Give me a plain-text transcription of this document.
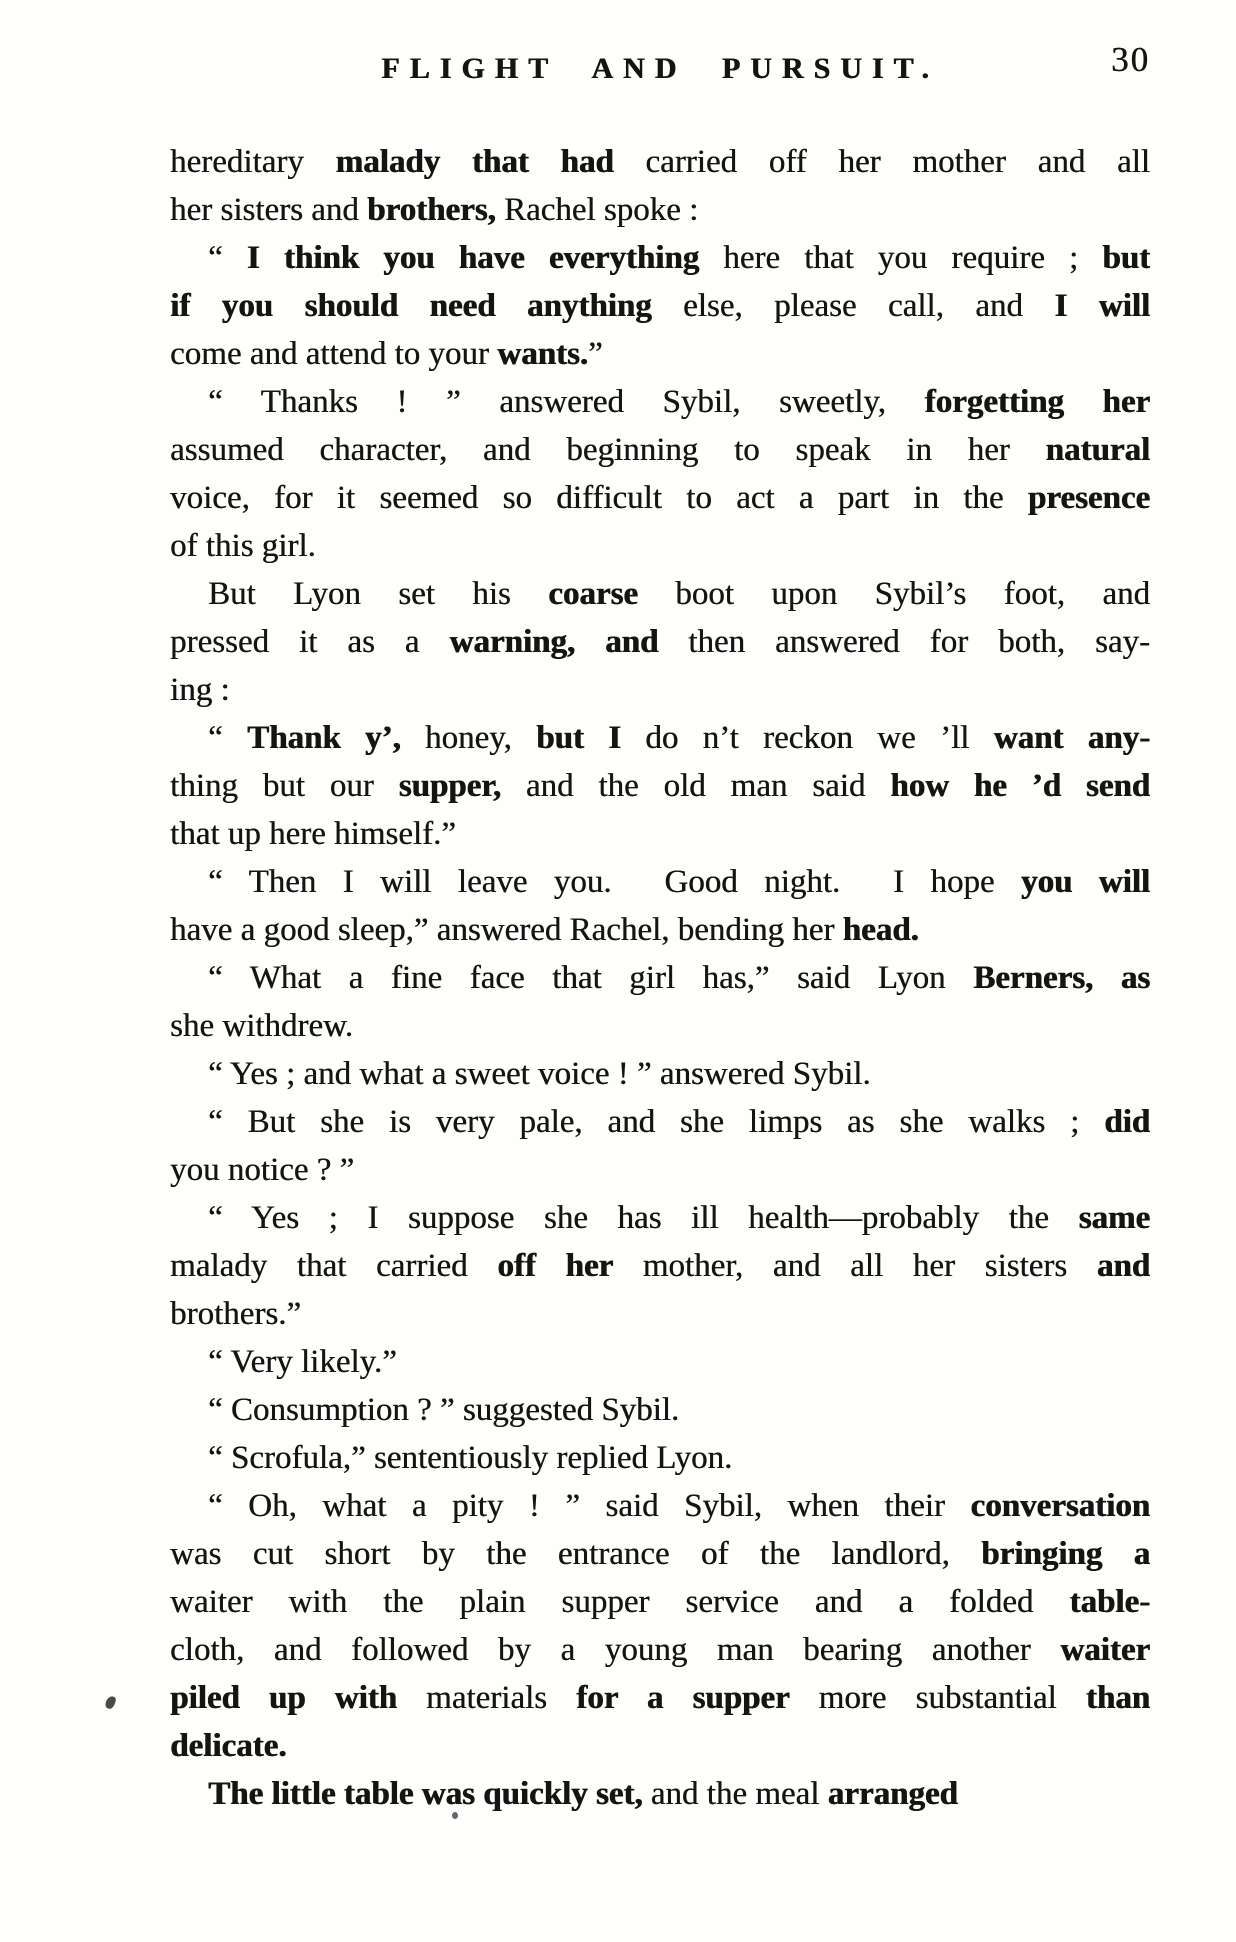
FLIGHT AND PURSUIT.	30
hereditary malady that had carried off her mother and all
her sisters and brothers, Rachel spoke :
“ I think you have everything here that you require ; but
if you should need anything else, please call, and I will
come and attend to your wants.”
“ Thanks ! ” answered Sybil, sweetly, forgetting her
assumed character, and beginning to speak in her natural
voice, for it seemed so difficult to act a part in the presence
of this girl.
But Lyon set his coarse boot upon Sybil’s foot, and
pressed it as a warning, and then answered for both, say-
ing :
“ Thank y’, honey, but I do n’t reckon we ’ll want any-
thing but our supper, and the old man said how he ’d send
that up here himself.”
“ Then I will leave you.  Good night.  I hope you will
have a good sleep,” answered Rachel, bending her head.
“ What a fine face that girl has,” said Lyon Berners, as
she withdrew.
“ Yes ; and what a sweet voice ! ” answered Sybil.
“ But she is very pale, and she limps as she walks ; did
you notice ? ”
“ Yes ; I suppose she has ill health—probably the same
malady that carried off her mother, and all her sisters and
brothers.”
“ Very likely.”
“ Consumption ? ” suggested Sybil.
“ Scrofula,” sententiously replied Lyon.
“ Oh, what a pity ! ” said Sybil, when their conversation
was cut short by the entrance of the landlord, bringing a
waiter with the plain supper service and a folded table-
cloth, and followed by a young man bearing another waiter
piled up with materials for a supper more substantial than
delicate.
The little table was quickly set, and the meal arranged
